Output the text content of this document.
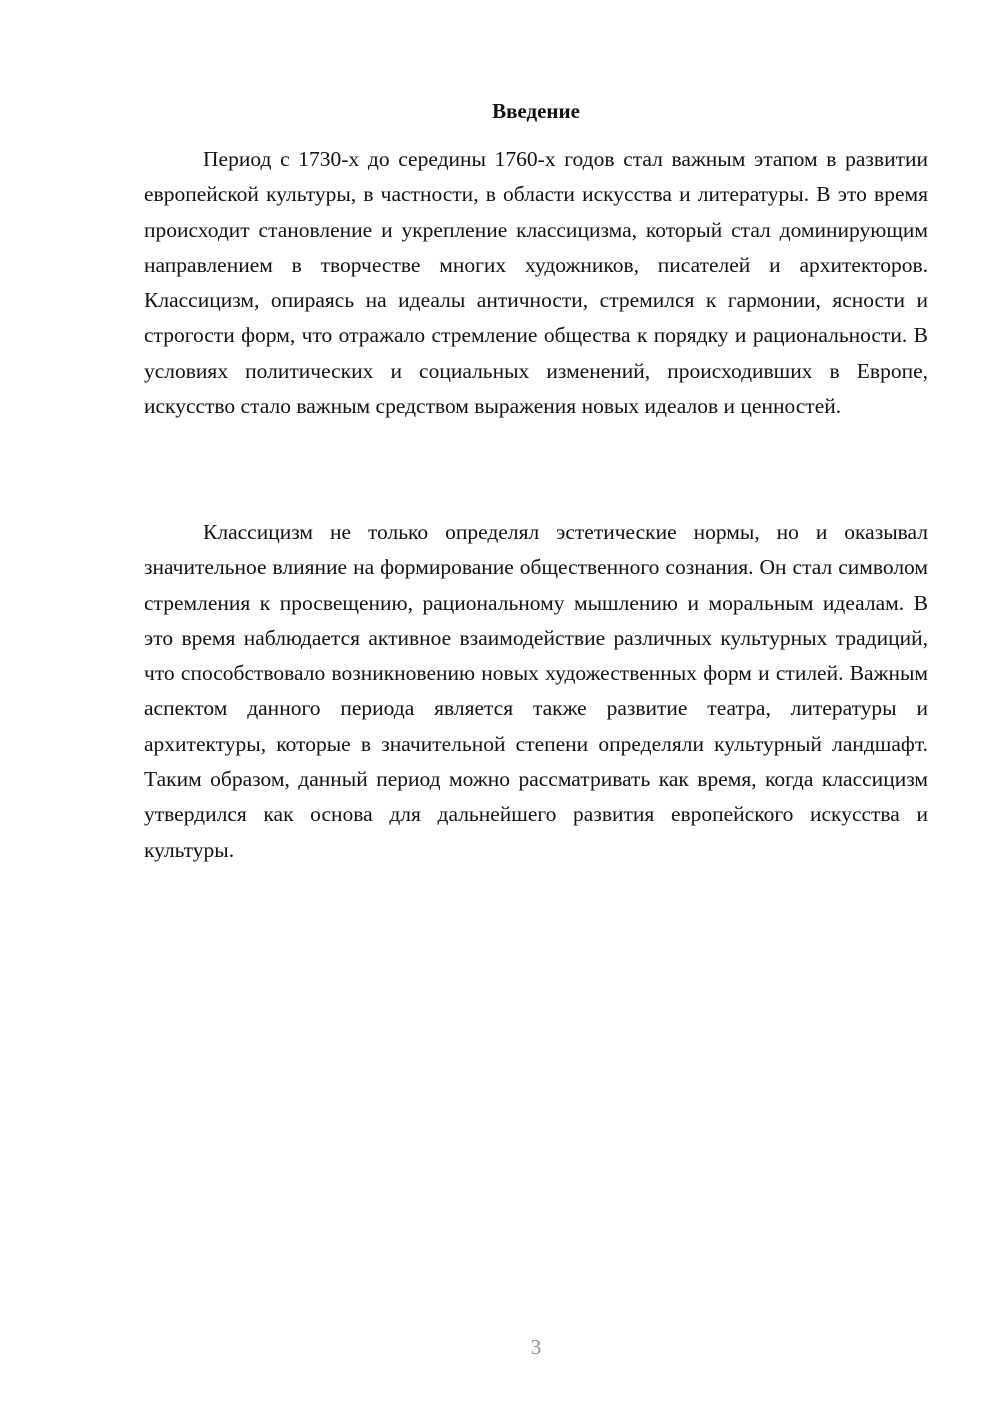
Введение

Период с 1730-х до середины 1760-х годов стал важным этапом в развитии европейской культуры, в частности, в области искусства и литературы. В это время происходит становление и укрепление классицизма, который стал доминирующим направлением в творчестве многих художников, писателей и архитекторов. Классицизм, опираясь на идеалы античности, стремился к гармонии, ясности и строгости форм, что отражало стремление общества к порядку и рациональности. В условиях политических и социальных изменений, происходивших в Европе, искусство стало важным средством выражения новых идеалов и ценностей.

Классицизм не только определял эстетические нормы, но и оказывал значительное влияние на формирование общественного сознания. Он стал символом стремления к просвещению, рациональному мышлению и моральным идеалам. В это время наблюдается активное взаимодействие различных культурных традиций, что способствовало возникновению новых художественных форм и стилей. Важным аспектом данного периода является также развитие театра, литературы и архитектуры, которые в значительной степени определяли культурный ландшафт. Таким образом, данный период можно рассматривать как время, когда классицизм утвердился как основа для дальнейшего развития европейского искусства и культуры.

3
